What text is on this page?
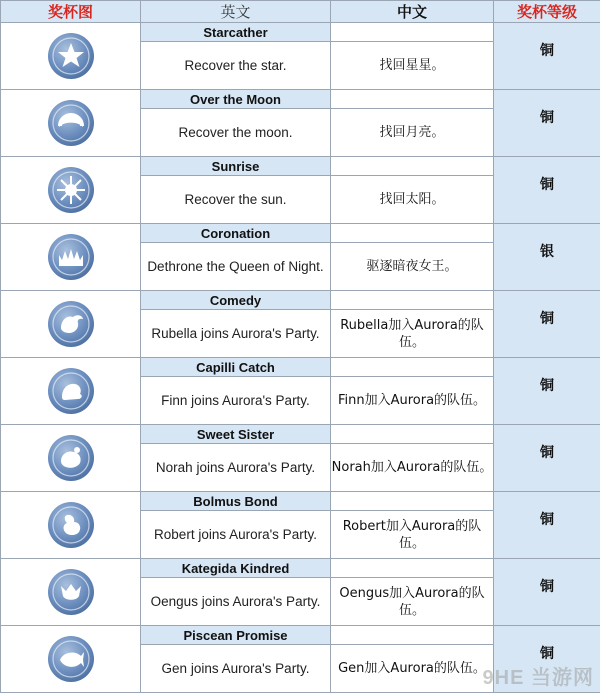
奖杯图	英文	中文	奖杯等级

	Starcather		铜
	Recover the star.	找回星星。	

	Over the Moon		铜
	Recover the moon.	找回月亮。	

	Sunrise		铜
	Recover the sun.	找回太阳。	

	Coronation		银
	Dethrone the Queen of Night.	驱逐暗夜女王。	

	Comedy		铜
	Rubella joins Aurora's Party.	Rubella加入Aurora的队伍。	

	Capilli Catch		铜
	Finn joins Aurora's Party.	Finn加入Aurora的队伍。	

	Sweet Sister		铜
	Norah joins Aurora's Party.	Norah加入Aurora的队伍。	

	Bolmus Bond		铜
	Robert joins Aurora's Party.	Robert加入Aurora的队伍。	

	Kategida Kindred		铜
	Oengus joins Aurora's Party.	Oengus加入Aurora的队伍。	

	Piscean Promise		铜
	Gen joins Aurora's Party.	Gen加入Aurora的队伍。	
9HE 当游网
